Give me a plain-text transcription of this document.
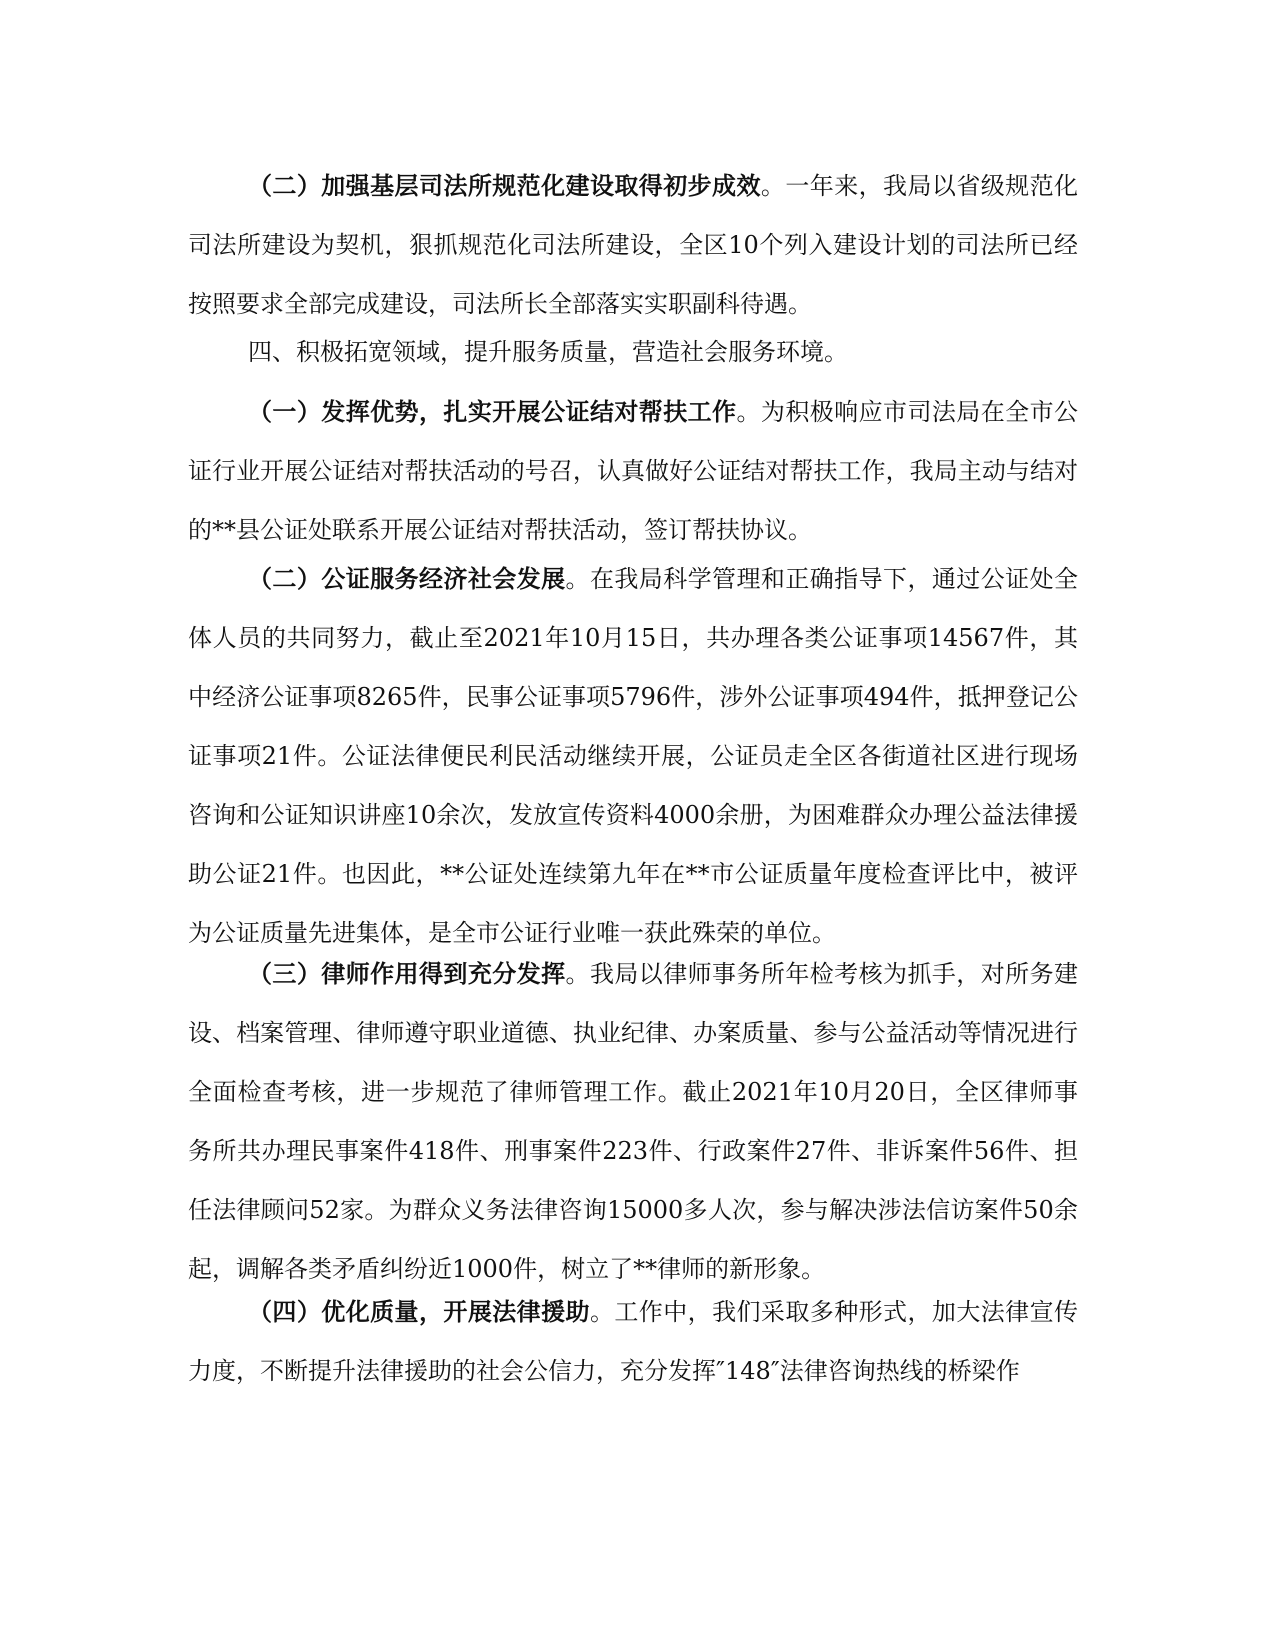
（二）加强基层司法所规范化建设取得初步成效。一年来，我局以省级规范化司法所建设为契机，狠抓规范化司法所建设，全区10个列入建设计划的司法所已经按照要求全部完成建设，司法所长全部落实实职副科待遇。

四、积极拓宽领域，提升服务质量，营造社会服务环境。

（一）发挥优势，扎实开展公证结对帮扶工作。为积极响应市司法局在全市公证行业开展公证结对帮扶活动的号召，认真做好公证结对帮扶工作，我局主动与结对的**县公证处联系开展公证结对帮扶活动，签订帮扶协议。

（二）公证服务经济社会发展。在我局科学管理和正确指导下，通过公证处全体人员的共同努力，截止至2021年10月15日，共办理各类公证事项14567件，其中经济公证事项8265件，民事公证事项5796件，涉外公证事项494件，抵押登记公证事项21件。公证法律便民利民活动继续开展，公证员走全区各街道社区进行现场咨询和公证知识讲座10余次，发放宣传资料4000余册，为困难群众办理公益法律援助公证21件。也因此，**公证处连续第九年在**市公证质量年度检查评比中，被评为公证质量先进集体，是全市公证行业唯一获此殊荣的单位。

（三）律师作用得到充分发挥。我局以律师事务所年检考核为抓手，对所务建设、档案管理、律师遵守职业道德、执业纪律、办案质量、参与公益活动等情况进行全面检查考核，进一步规范了律师管理工作。截止2021年10月20日，全区律师事务所共办理民事案件418件、刑事案件223件、行政案件27件、非诉案件56件、担任法律顾问52家。为群众义务法律咨询15000多人次，参与解决涉法信访案件50余起，调解各类矛盾纠纷近1000件，树立了**律师的新形象。

（四）优化质量，开展法律援助。工作中，我们采取多种形式，加大法律宣传力度，不断提升法律援助的社会公信力，充分发挥″148″法律咨询热线的桥梁作
